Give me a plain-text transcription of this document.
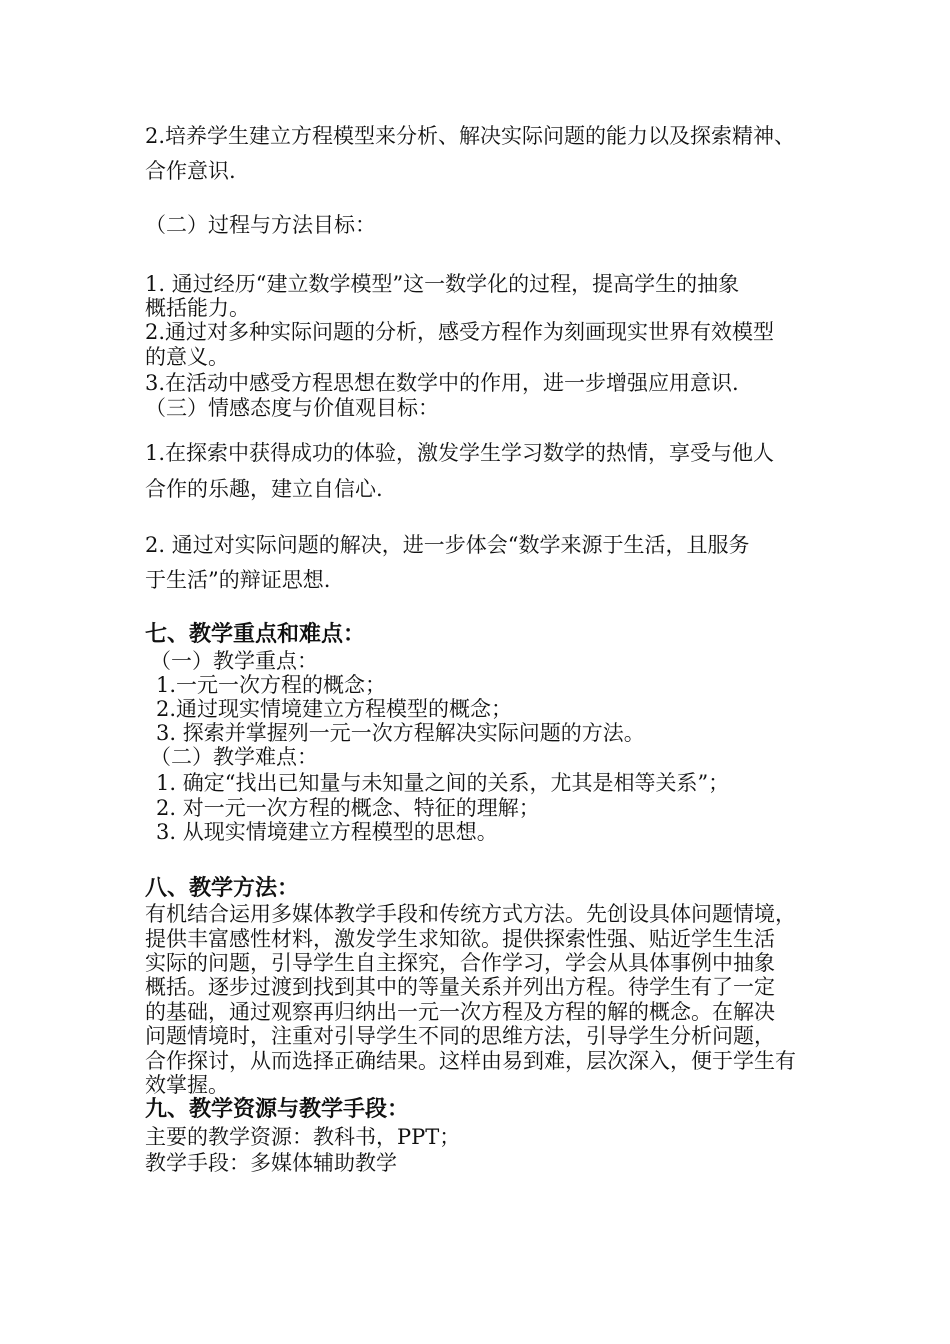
2.培养学生建立方程模型来分析、解决实际问题的能力以及探索精神、
合作意识.
（二）过程与方法目标：
1. 通过经历“建立数学模型”这一数学化的过程，提高学生的抽象
概括能力。
2.通过对多种实际问题的分析，感受方程作为刻画现实世界有效模型
的意义。
3.在活动中感受方程思想在数学中的作用，进一步增强应用意识.
（三）情感态度与价值观目标：
1.在探索中获得成功的体验，激发学生学习数学的热情，享受与他人
合作的乐趣，建立自信心.
2. 通过对实际问题的解决，进一步体会“数学来源于生活，且服务
于生活”的辩证思想.
七、教学重点和难点：
（一）教学重点：
1.一元一次方程的概念；
2.通过现实情境建立方程模型的概念；
3. 探索并掌握列一元一次方程解决实际问题的方法。
（二）教学难点：
1. 确定“找出已知量与未知量之间的关系，尤其是相等关系”；
2. 对一元一次方程的概念、特征的理解；
3. 从现实情境建立方程模型的思想。
八、教学方法：
有机结合运用多媒体教学手段和传统方式方法。先创设具体问题情境，
提供丰富感性材料，激发学生求知欲。提供探索性强、贴近学生生活
实际的问题，引导学生自主探究，合作学习，学会从具体事例中抽象
概括。逐步过渡到找到其中的等量关系并列出方程。待学生有了一定
的基础，通过观察再归纳出一元一次方程及方程的解的概念。在解决
问题情境时，注重对引导学生不同的思维方法，引导学生分析问题，
合作探讨，从而选择正确结果。这样由易到难，层次深入，便于学生有
效掌握。
九、教学资源与教学手段：
主要的教学资源：教科书，PPT；
教学手段：多媒体辅助教学
